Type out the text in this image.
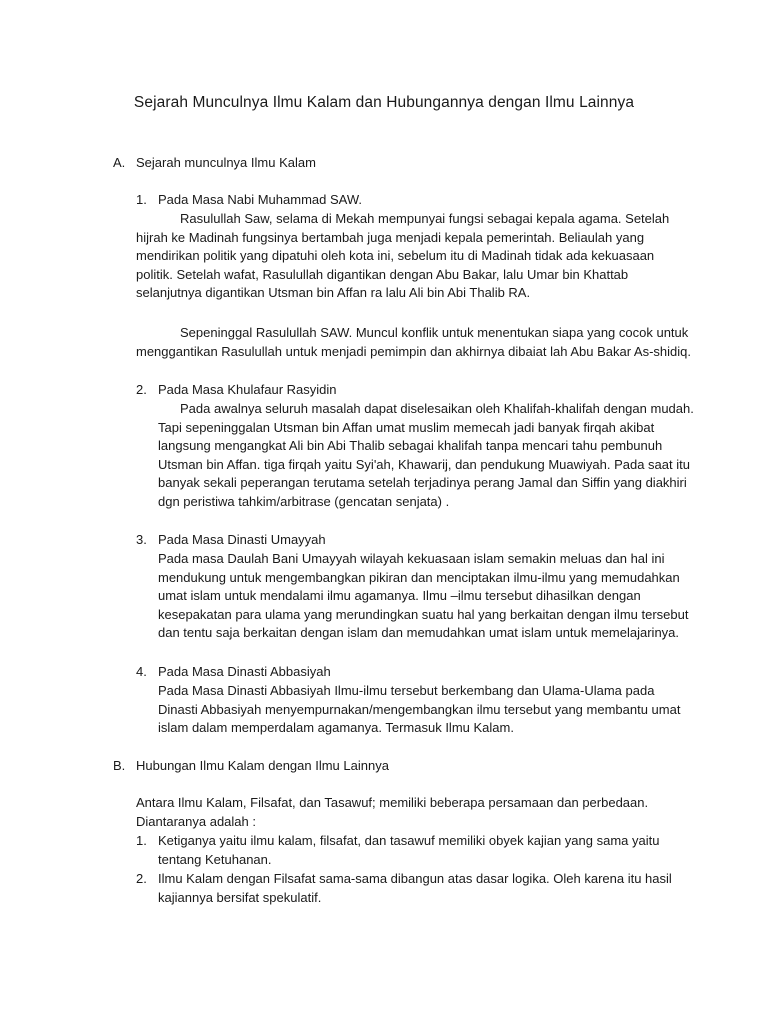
Sejarah Munculnya Ilmu Kalam dan Hubungannya dengan Ilmu Lainnya
A. Sejarah munculnya Ilmu Kalam
1. Pada Masa Nabi Muhammad SAW.
Rasulullah Saw, selama di Mekah mempunyai fungsi sebagai kepala agama. Setelah
hijrah ke Madinah fungsinya bertambah juga menjadi kepala pemerintah. Beliaulah yang
mendirikan politik yang dipatuhi oleh kota ini, sebelum itu di Madinah tidak ada kekuasaan
politik. Setelah wafat, Rasulullah digantikan dengan Abu Bakar, lalu Umar bin Khattab
selanjutnya digantikan Utsman bin Affan ra lalu Ali bin Abi Thalib RA.
Sepeninggal Rasulullah SAW. Muncul konflik untuk menentukan siapa yang cocok untuk
menggantikan Rasulullah untuk menjadi pemimpin dan akhirnya dibaiat lah Abu Bakar As-shidiq.
2. Pada Masa Khulafaur Rasyidin
Pada awalnya seluruh masalah dapat diselesaikan oleh Khalifah-khalifah dengan mudah.
Tapi sepeninggalan Utsman bin Affan umat muslim memecah jadi banyak firqah akibat
langsung mengangkat Ali bin Abi Thalib sebagai khalifah tanpa mencari tahu pembunuh
Utsman bin Affan. tiga firqah yaitu Syi'ah, Khawarij, dan pendukung Muawiyah. Pada saat itu
banyak sekali peperangan terutama setelah terjadinya perang Jamal dan Siffin yang diakhiri
dgn peristiwa tahkim/arbitrase (gencatan senjata) .
3. Pada Masa Dinasti Umayyah
Pada masa Daulah Bani Umayyah wilayah kekuasaan islam semakin meluas dan hal ini
mendukung untuk mengembangkan pikiran dan menciptakan ilmu-ilmu yang memudahkan
umat islam untuk mendalami ilmu agamanya. Ilmu –ilmu tersebut dihasilkan dengan
kesepakatan para ulama yang merundingkan suatu hal yang berkaitan dengan ilmu tersebut
dan tentu saja berkaitan dengan islam dan memudahkan umat islam untuk memelajarinya.
4. Pada Masa Dinasti Abbasiyah
Pada Masa Dinasti Abbasiyah Ilmu-ilmu tersebut berkembang dan Ulama-Ulama pada
Dinasti Abbasiyah menyempurnakan/mengembangkan ilmu tersebut yang membantu umat
islam dalam memperdalam agamanya. Termasuk Ilmu Kalam.
B. Hubungan Ilmu Kalam dengan Ilmu Lainnya
Antara Ilmu Kalam, Filsafat, dan Tasawuf; memiliki beberapa persamaan dan perbedaan.
Diantaranya adalah :
1. Ketiganya yaitu ilmu kalam, filsafat, dan tasawuf memiliki obyek kajian yang sama yaitu
tentang Ketuhanan.
2. Ilmu Kalam dengan Filsafat sama-sama dibangun atas dasar logika. Oleh karena itu hasil
kajiannya bersifat spekulatif.
